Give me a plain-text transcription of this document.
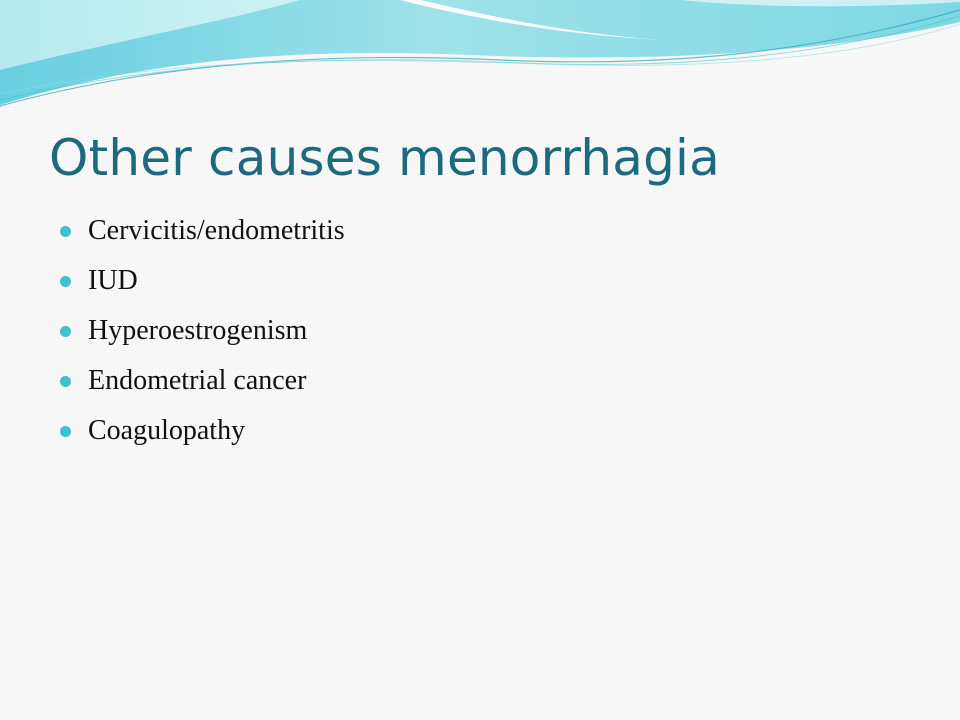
Other causes menorrhagia
Cervicitis/endometritis
IUD
Hyperoestrogenism
Endometrial cancer
Coagulopathy
